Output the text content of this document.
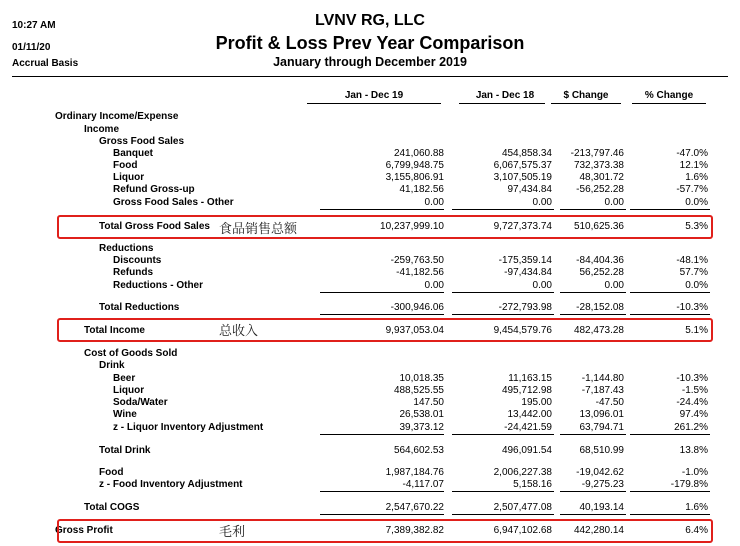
10:27 AM
01/11/20
Accrual Basis
LVNV RG, LLC
Profit & Loss Prev Year Comparison
January through December 2019
Jan - Dec 19	Jan - Dec 18	$ Change	% Change
Ordinary Income/Expense
Income
Gross Food Sales
Banquet	241,060.88	454,858.34 -213,797.46	-47.0%
Food	6,799,948.75	6,067,575.37 732,373.38	12.1%
Liquor	3,155,806.91	3,107,505.19	48,301.72	1.6%
Refund Gross-up	41,182.56	97,434.84 -56,252.28	-57.7%
Gross Food Sales - Other	0.00	0.00	0.00	0.0%
Total Gross Food Sales	10,237,999.10	9,727,373.74 510,625.36	5.3%
Reductions
Discounts	-259,763.50	-175,359.14 -84,404.36	-48.1%
Refunds	-41,182.56	-97,434.84	56,252.28	57.7%
Reductions - Other	0.00	0.00	0.00	0.0%
Total Reductions	-300,946.06	-272,793.98 -28,152.08	-10.3%
Total Income	9,937,053.04	9,454,579.76 482,473.28	5.1%
Cost of Goods Sold
Drink
Beer	10,018.35	11,163.15	-1,144.80	-10.3%
Liquor	488,525.55	495,712.98	-7,187.43	-1.5%
Soda/Water	147.50	195.00	-47.50	-24.4%
Wine	26,538.01	13,442.00	13,096.01	97.4%
z - Liquor Inventory Adjustment	39,373.12	-24,421.59	63,794.71	261.2%
Total Drink	564,602.53	496,091.54	68,510.99	13.8%
Food	1,987,184.76	2,006,227.38 -19,042.62	-1.0%
z - Food Inventory Adjustment	-4,117.07	5,158.16	-9,275.23	-179.8%
Total COGS	2,547,670.22	2,507,477.08	40,193.14	1.6%
Gross Profit	7,389,382.82	6,947,102.68 442,280.14	6.4%
食品销售总额
总收入
毛利
